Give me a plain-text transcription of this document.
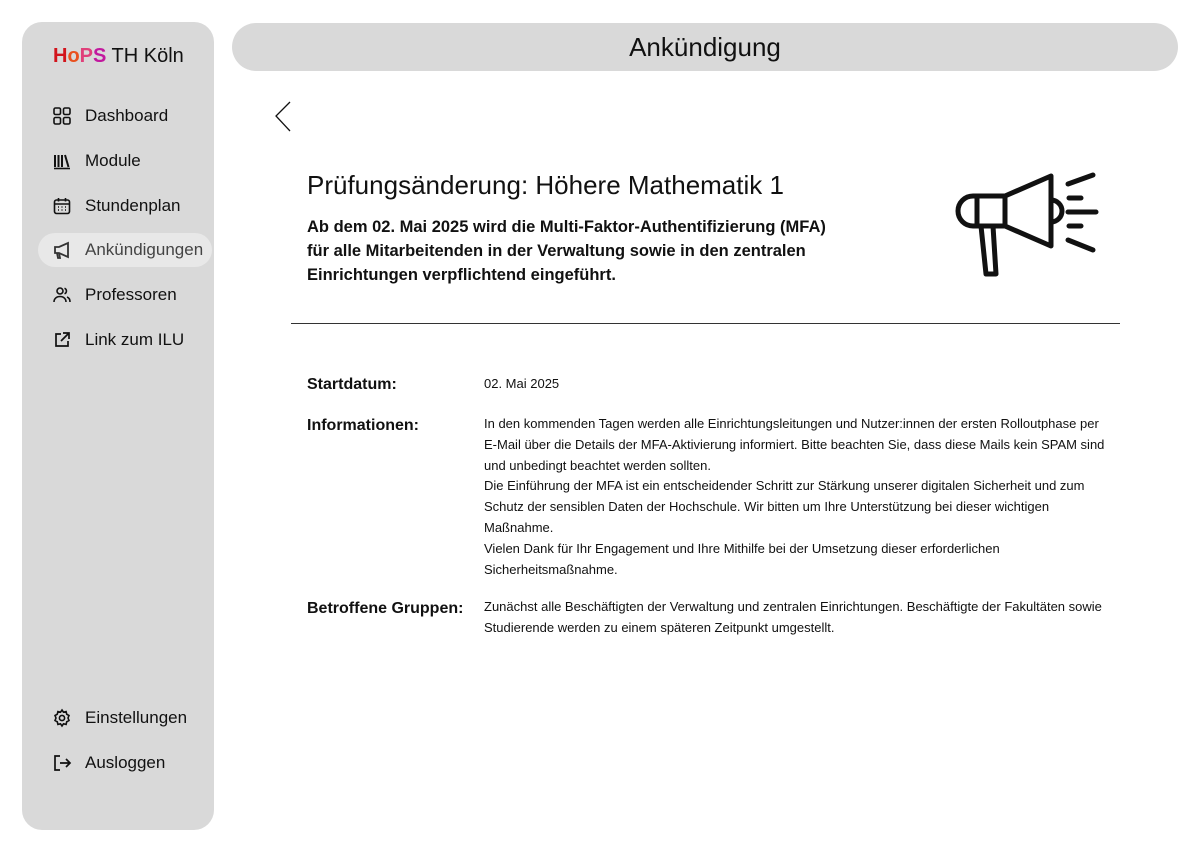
HoPS TH Köln
Dashboard
Module
Stundenplan
Ankündigungen
Professoren
Link zum ILU
Einstellungen
Ausloggen
Ankündigung
Prüfungsänderung: Höhere Mathematik 1
Ab dem 02. Mai 2025 wird die Multi-Faktor-Authentifizierung (MFA) für alle Mitarbeitenden in der Verwaltung sowie in den zentralen Einrichtungen verpflichtend eingeführt.
Startdatum:	02. Mai 2025
Informationen:	In den kommenden Tagen werden alle Einrichtungsleitungen und Nutzer:innen der ersten Rolloutphase per E-Mail über die Details der MFA-Aktivierung informiert. Bitte beachten Sie, dass diese Mails kein SPAM sind und unbedingt beachtet werden sollten.
Die Einführung der MFA ist ein entscheidender Schritt zur Stärkung unserer digitalen Sicherheit und zum Schutz der sensiblen Daten der Hochschule. Wir bitten um Ihre Unterstützung bei dieser wichtigen Maßnahme.
Vielen Dank für Ihr Engagement und Ihre Mithilfe bei der Umsetzung dieser erforderlichen Sicherheitsmaßnahme.
Betroffene Gruppen: Zunächst alle Beschäftigten der Verwaltung und zentralen Einrichtungen. Beschäftigte der Fakultäten sowie Studierende werden zu einem späteren Zeitpunkt umgestellt.
